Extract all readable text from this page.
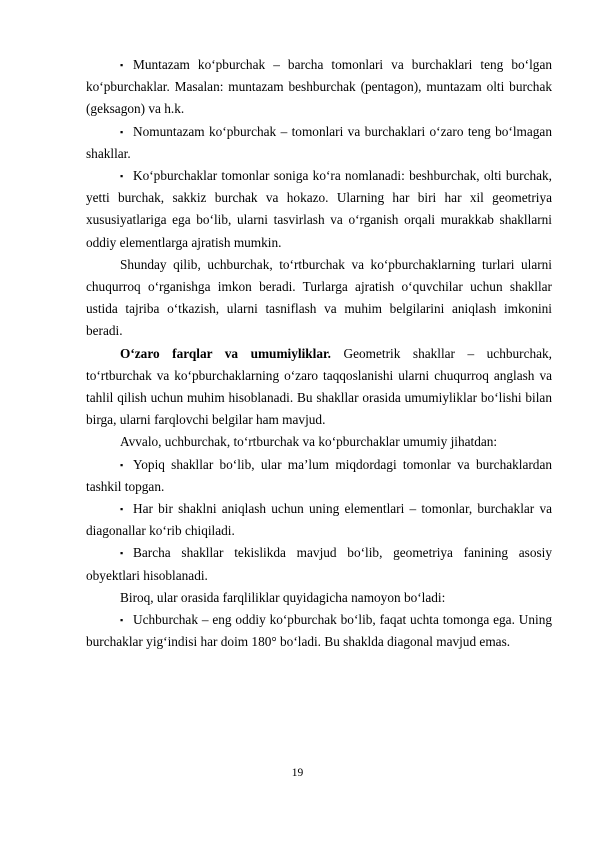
▪ Muntazam ko‘pburchak – barcha tomonlari va burchaklari teng bo‘lgan ko‘pburchaklar. Masalan: muntazam beshburchak (pentagon), muntazam olti burchak (geksagon) va h.k.

▪ Nomuntazam ko‘pburchak – tomonlari va burchaklari o‘zaro teng bo‘lmagan shakllar.

▪ Ko‘pburchaklar tomonlar soniga ko‘ra nomlanadi: beshburchak, olti burchak, yetti burchak, sakkiz burchak va hokazo. Ularning har biri har xil geometriya xususiyatlariga ega bo‘lib, ularni tasvirlash va o‘rganish orqali murakkab shakllarni oddiy elementlarga ajratish mumkin.

Shunday qilib, uchburchak, to‘rtburchak va ko‘pburchaklarning turlari ularni chuqurroq o‘rganishga imkon beradi. Turlarga ajratish o‘quvchilar uchun shakllar ustida tajriba o‘tkazish, ularni tasniflash va muhim belgilarini aniqlash imkonini beradi.

O‘zaro farqlar va umumiyliklar. Geometrik shakllar – uchburchak, to‘rtburchak va ko‘pburchaklarning o‘zaro taqqoslanishi ularni chuqurroq anglash va tahlil qilish uchun muhim hisoblanadi. Bu shakllar orasida umumiyliklar bo‘lishi bilan birga, ularni farqlovchi belgilar ham mavjud.

Avvalo, uchburchak, to‘rtburchak va ko‘pburchaklar umumiy jihatdan:

▪ Yopiq shakllar bo‘lib, ular ma’lum miqdordagi tomonlar va burchaklardan tashkil topgan.

▪ Har bir shaklni aniqlash uchun uning elementlari – tomonlar, burchaklar va diagonallar ko‘rib chiqiladi.

▪ Barcha shakllar tekislikda mavjud bo‘lib, geometriya fanining asosiy obyektlari hisoblanadi.

Biroq, ular orasida farqliliklar quyidagicha namoyon bo‘ladi:

▪ Uchburchak – eng oddiy ko‘pburchak bo‘lib, faqat uchta tomonga ega. Uning burchaklar yig‘indisi har doim 180° bo‘ladi. Bu shaklda diagonal mavjud emas.

19
